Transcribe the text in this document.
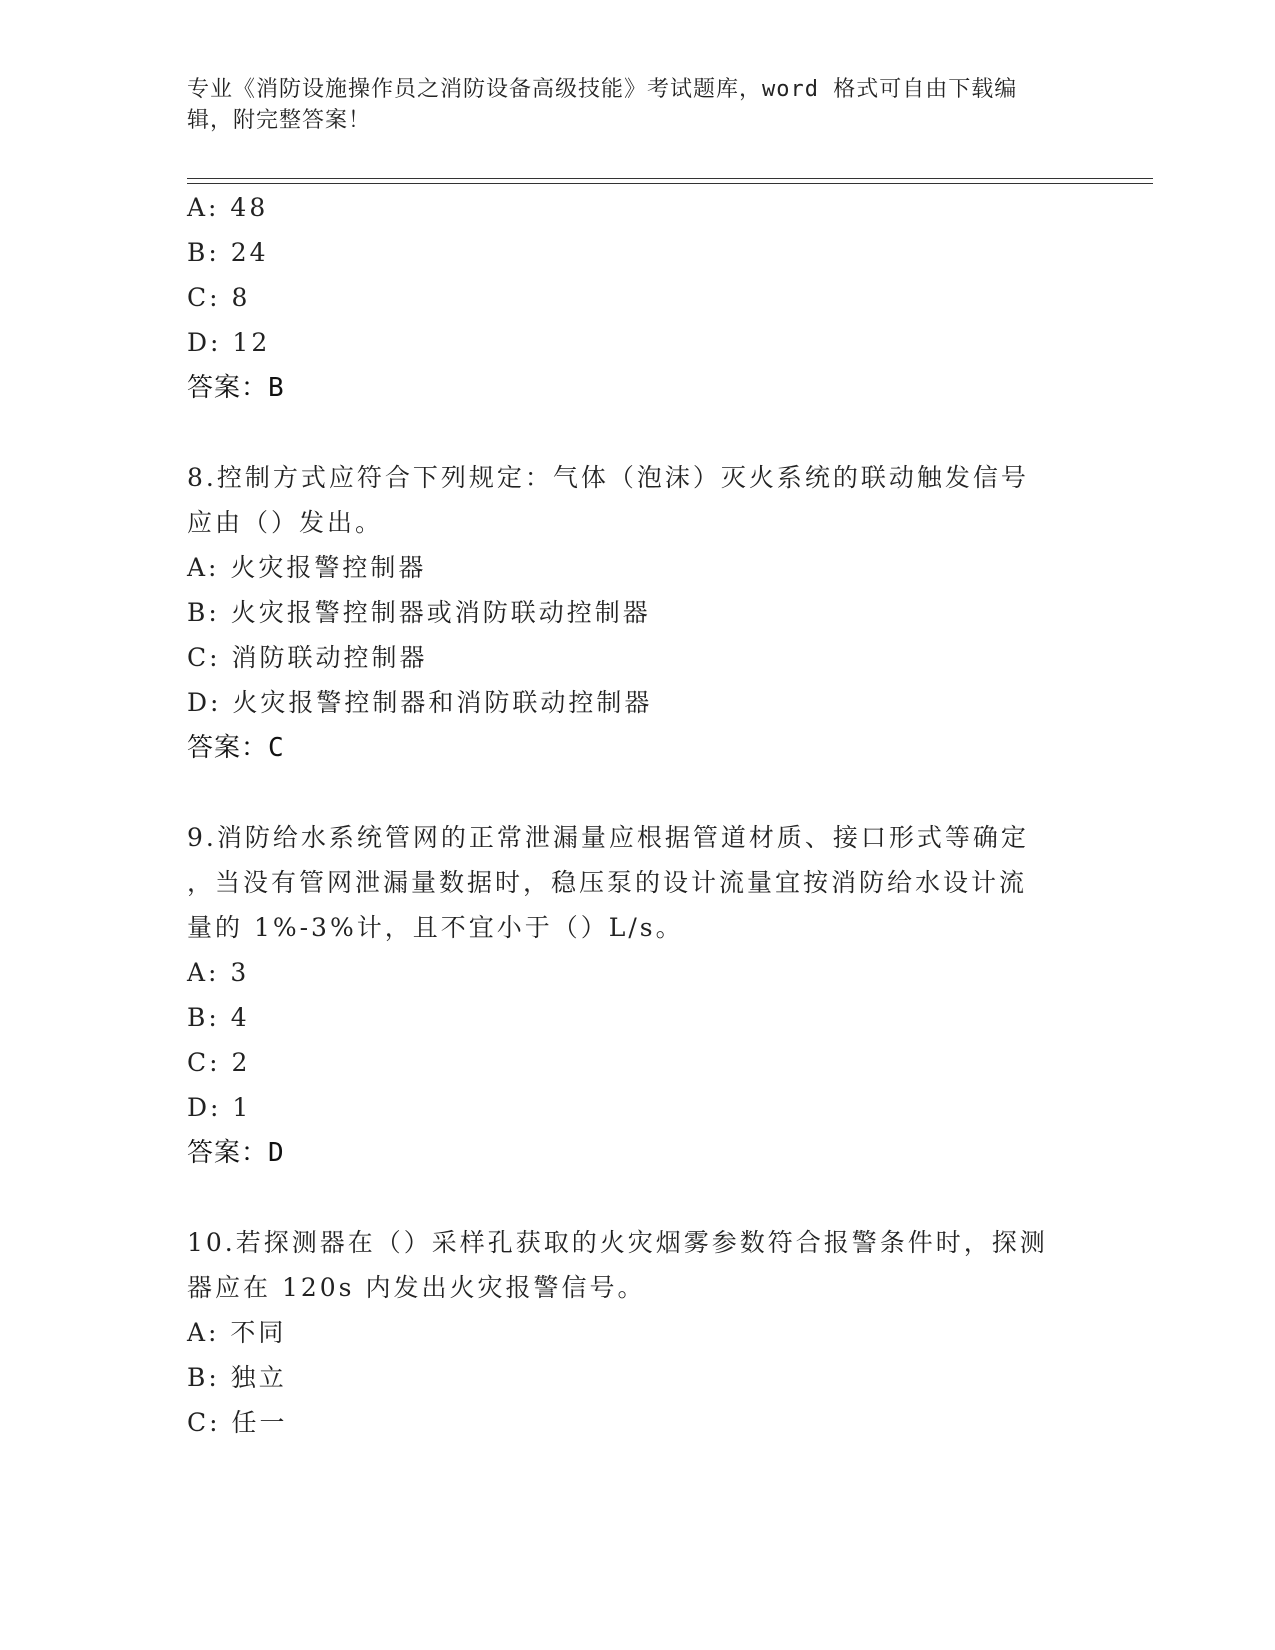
专业《消防设施操作员之消防设备高级技能》考试题库，word 格式可自由下载编
辑，附完整答案！
A: 48
B: 24
C: 8
D: 12
答案：B
8.控制方式应符合下列规定：气体（泡沫）灭火系统的联动触发信号
应由（）发出。
A: 火灾报警控制器
B: 火灾报警控制器或消防联动控制器
C: 消防联动控制器
D: 火灾报警控制器和消防联动控制器
答案：C
9.消防给水系统管网的正常泄漏量应根据管道材质、接口形式等确定
，当没有管网泄漏量数据时，稳压泵的设计流量宜按消防给水设计流
量的 1%-3%计，且不宜小于（）L/s。
A: 3
B: 4
C: 2
D: 1
答案：D
10.若探测器在（）采样孔获取的火灾烟雾参数符合报警条件时，探测
器应在 120s 内发出火灾报警信号。
A: 不同
B: 独立
C: 任一
